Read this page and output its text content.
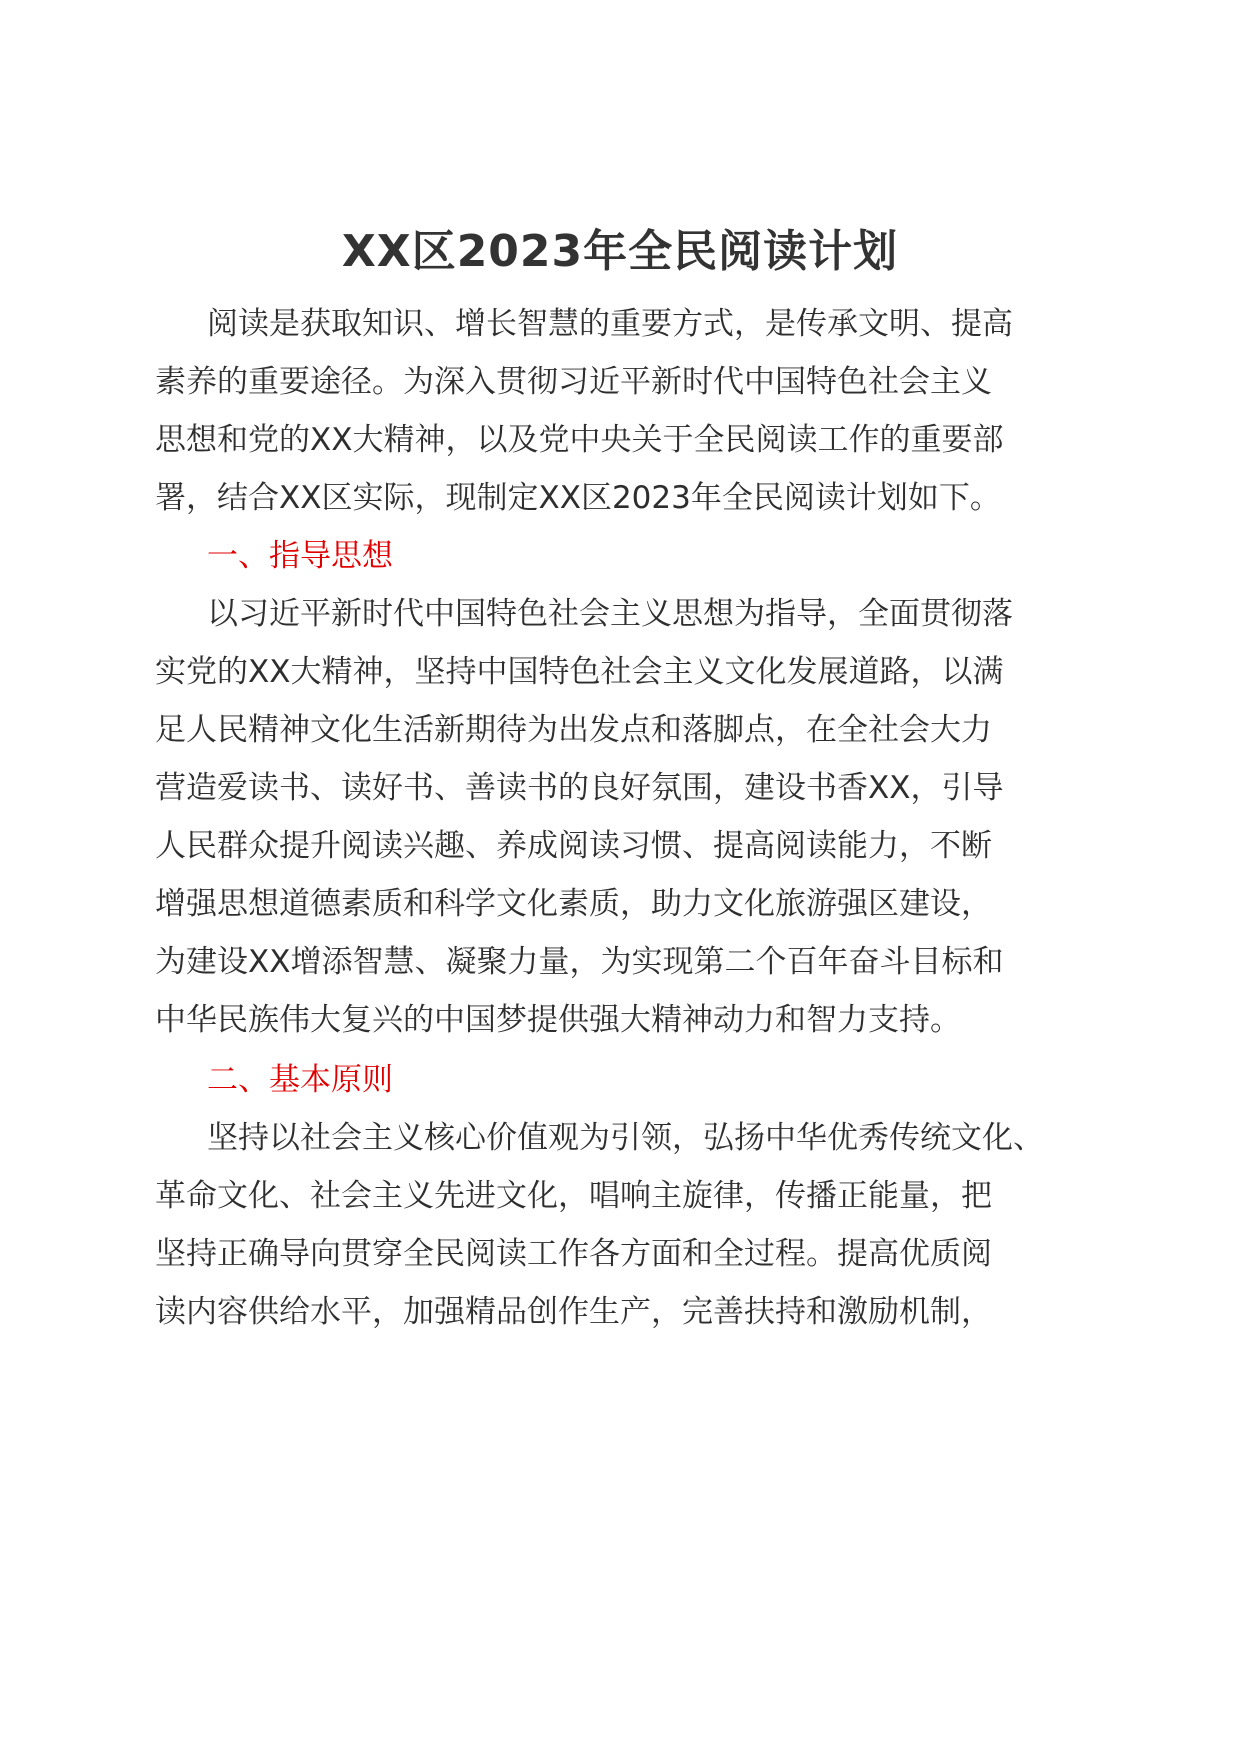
XX区2023年全民阅读计划
阅读是获取知识、增长智慧的重要方式，是传承文明、提高
素养的重要途径。为深入贯彻习近平新时代中国特色社会主义
思想和党的XX大精神，以及党中央关于全民阅读工作的重要部
署，结合XX区实际，现制定XX区2023年全民阅读计划如下。
一、指导思想
以习近平新时代中国特色社会主义思想为指导，全面贯彻落
实党的XX大精神，坚持中国特色社会主义文化发展道路，以满
足人民精神文化生活新期待为出发点和落脚点，在全社会大力
营造爱读书、读好书、善读书的良好氛围，建设书香XX，引导
人民群众提升阅读兴趣、养成阅读习惯、提高阅读能力，不断
增强思想道德素质和科学文化素质，助力文化旅游强区建设，
为建设XX增添智慧、凝聚力量，为实现第二个百年奋斗目标和
中华民族伟大复兴的中国梦提供强大精神动力和智力支持。
二、基本原则
坚持以社会主义核心价值观为引领，弘扬中华优秀传统文化、
革命文化、社会主义先进文化，唱响主旋律，传播正能量，把
坚持正确导向贯穿全民阅读工作各方面和全过程。提高优质阅
读内容供给水平，加强精品创作生产，完善扶持和激励机制，
